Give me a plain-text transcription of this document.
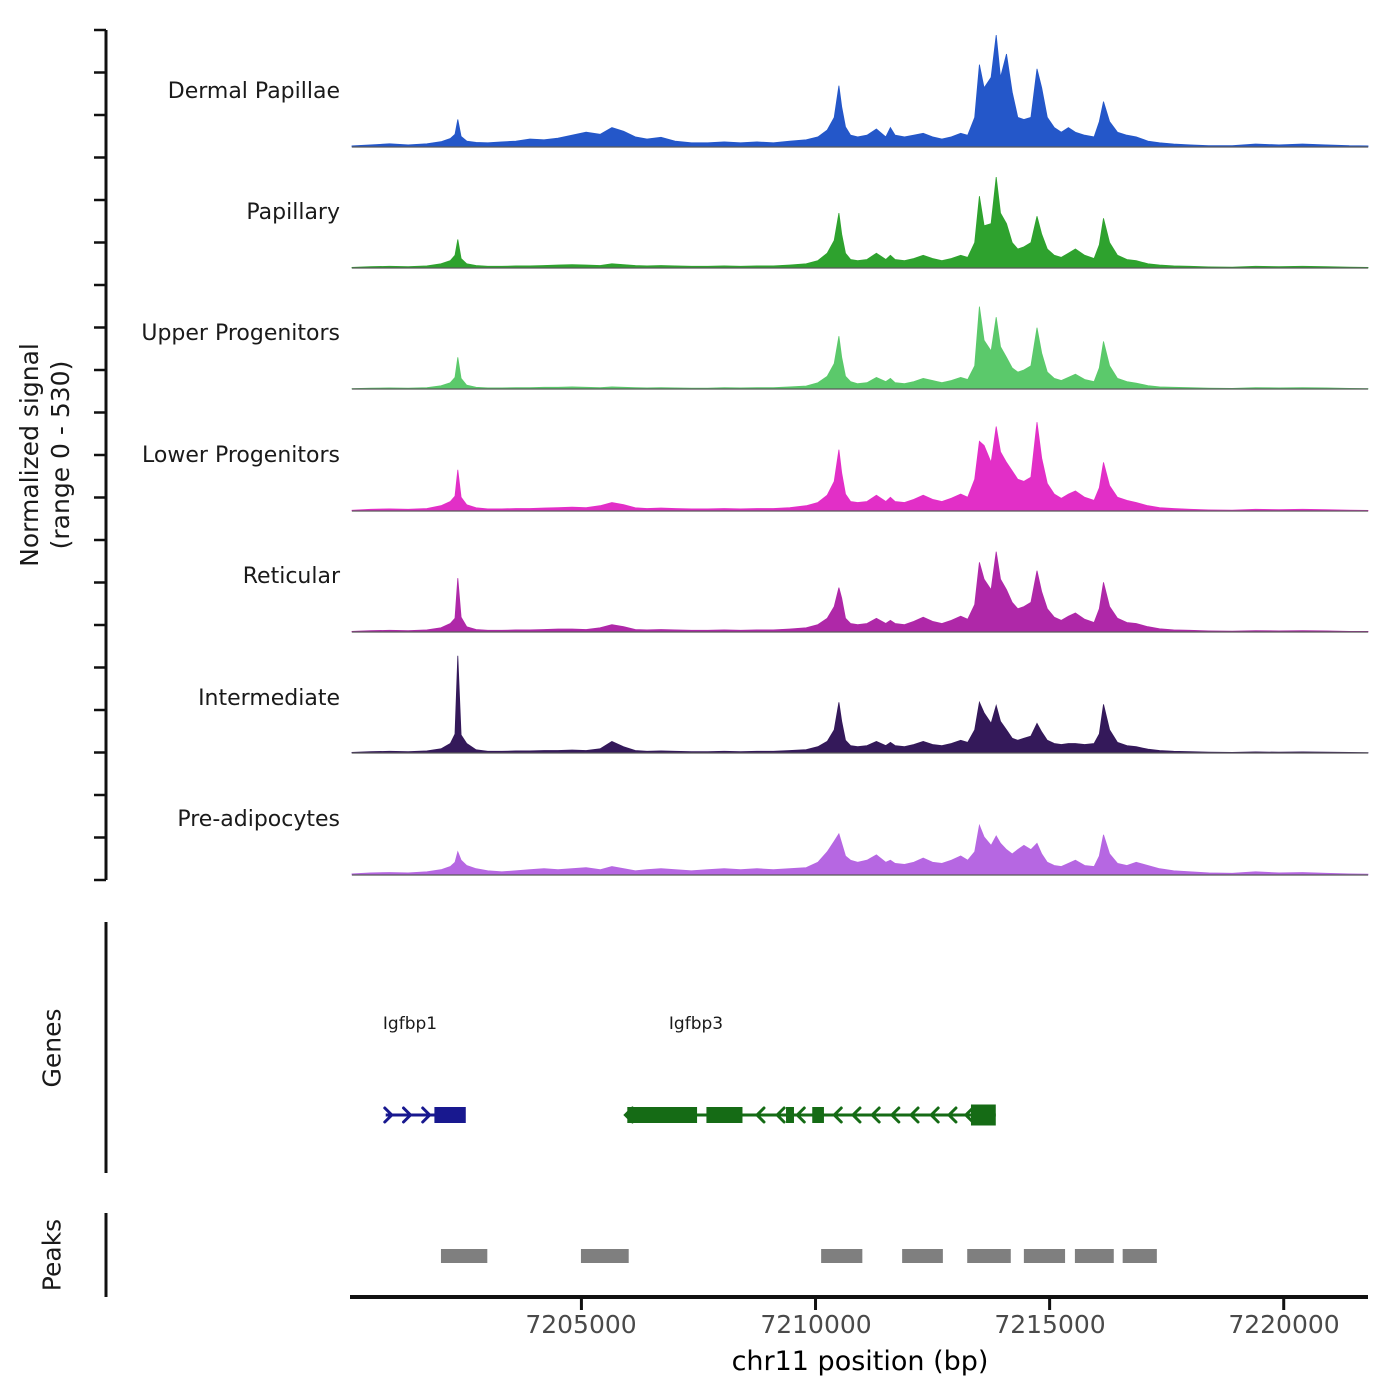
Dermal Papillae
Papillary
Upper Progenitors
Lower Progenitors
Reticular
Intermediate
Pre-adipocytes
Normalized signal (range 0 - 530)
Genes
Peaks
Igfbp1	Igfbp3
7205000	7210000	7215000	7220000
chr11 position (bp)
